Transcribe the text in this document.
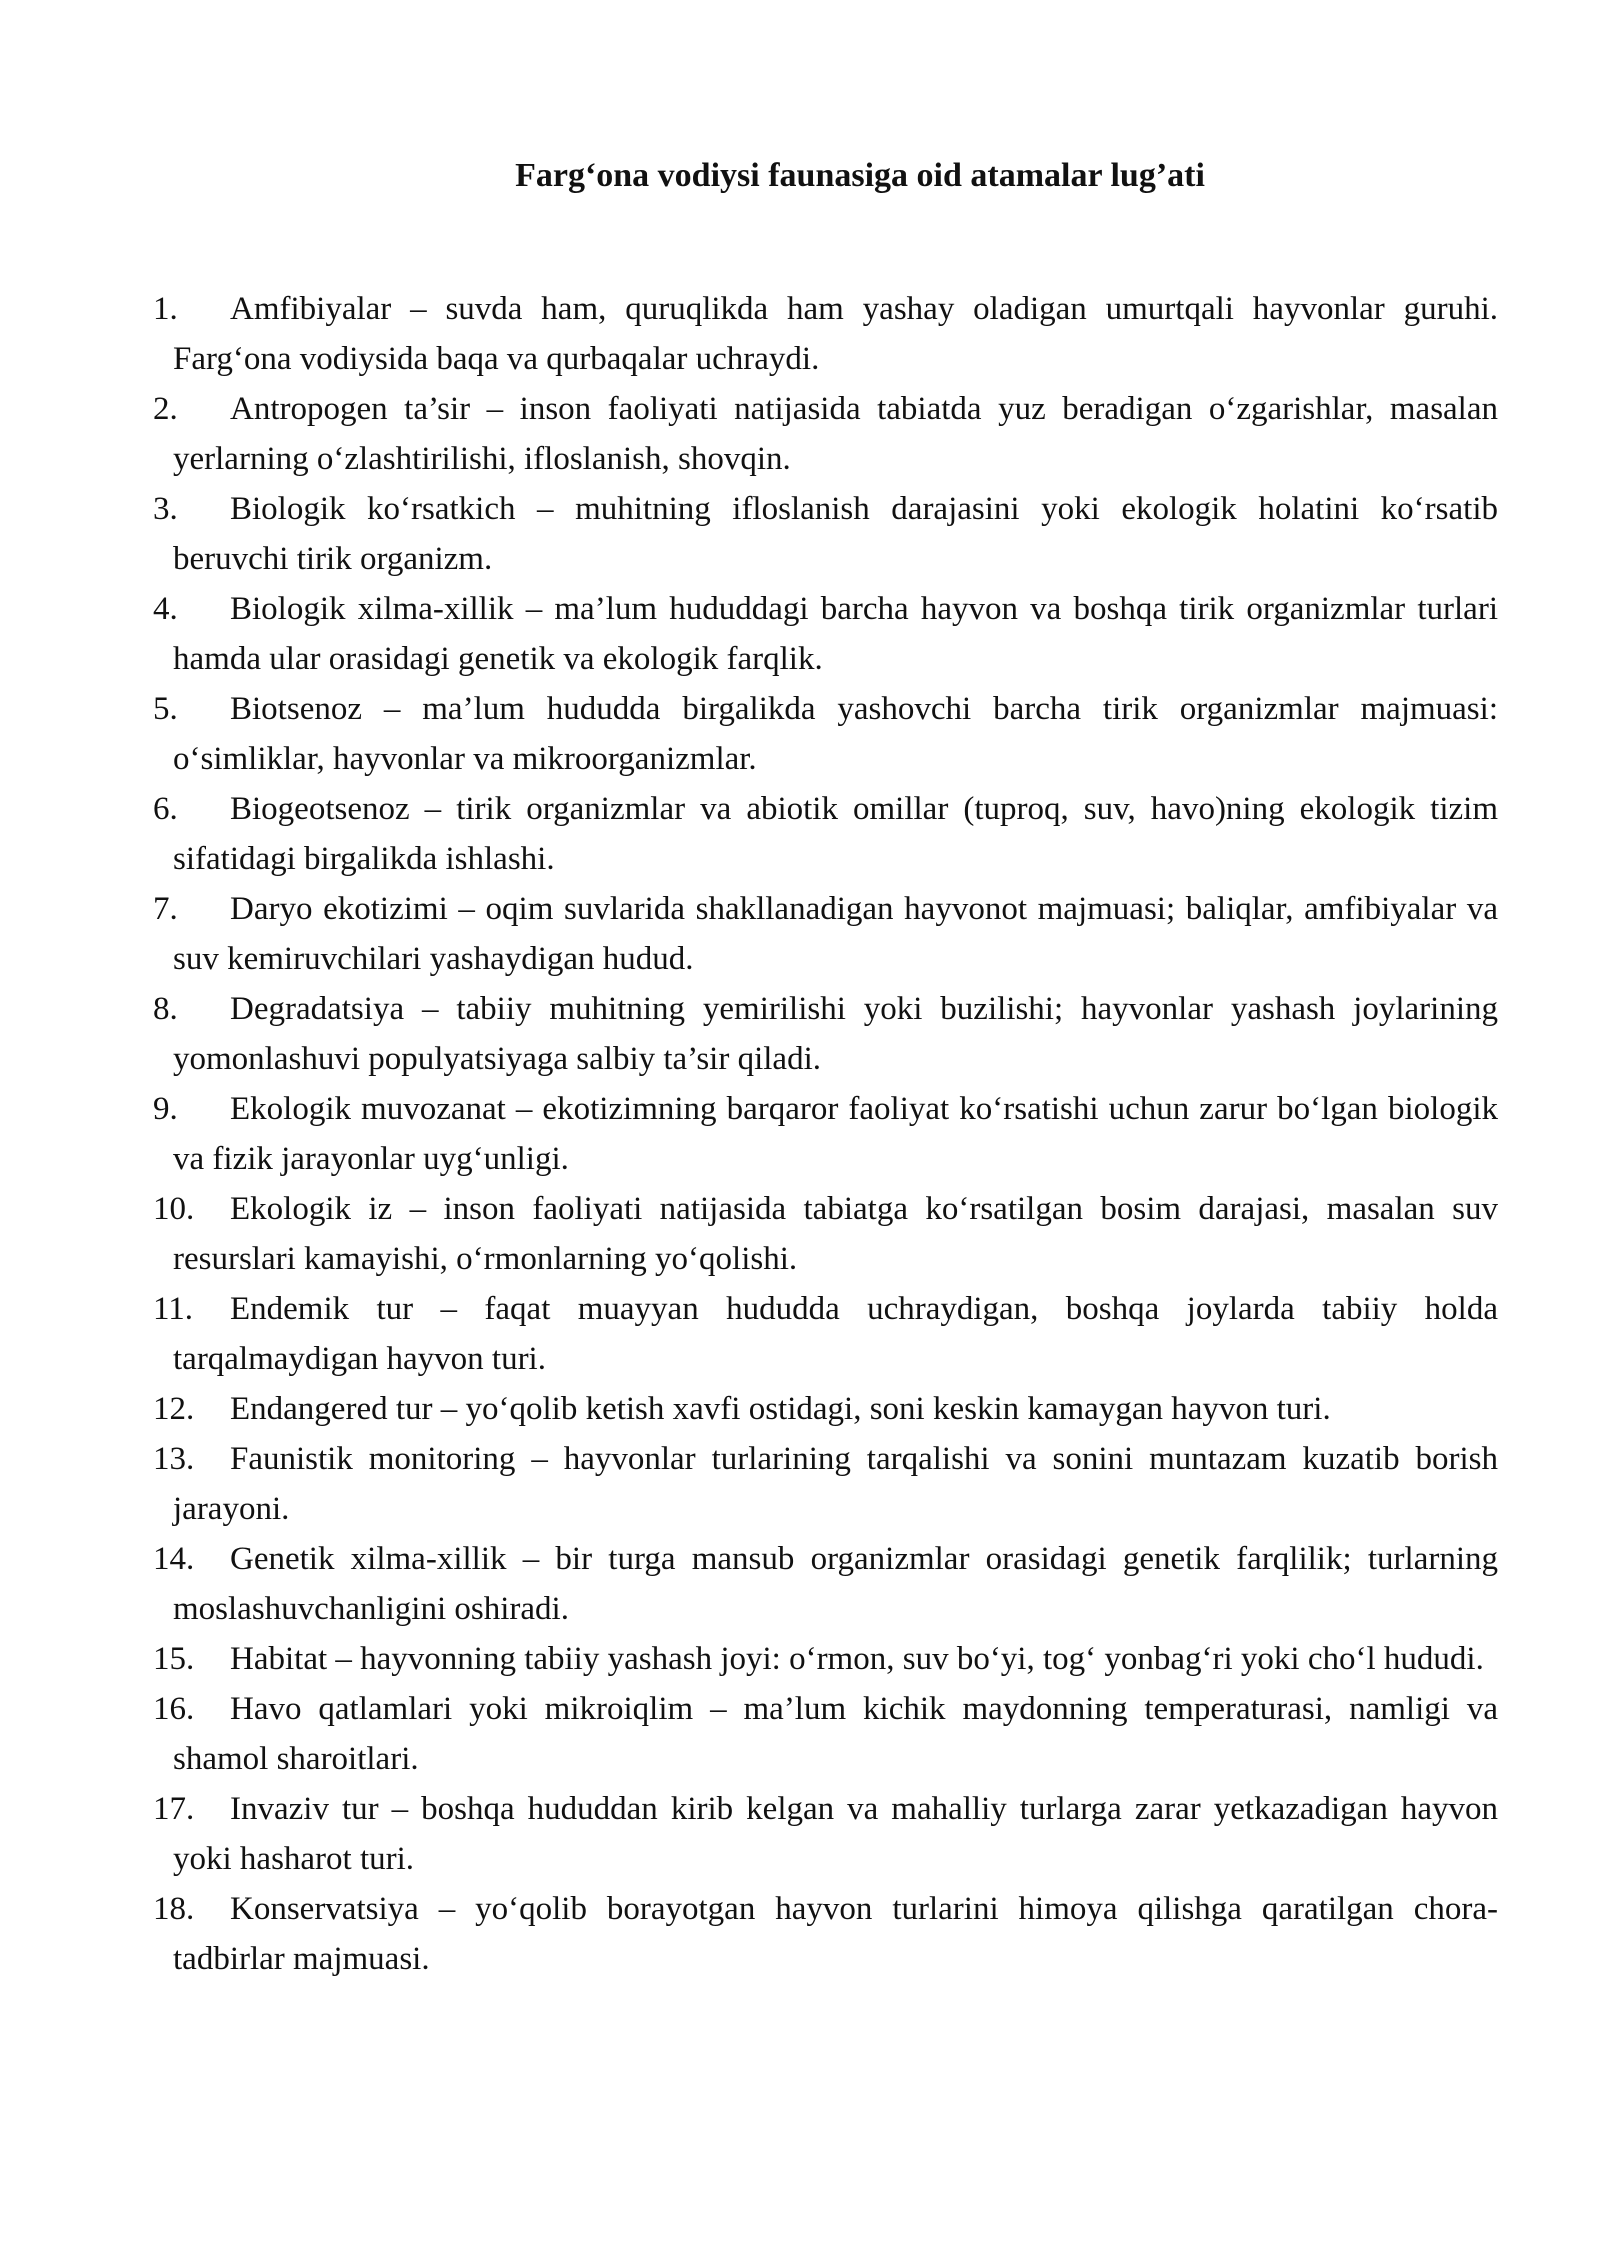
Farg‘ona vodiysi faunasiga oid atamalar lug’ati
1. Amfibiyalar – suvda ham, quruqlikda ham yashay oladigan umurtqali hayvonlar guruhi. Farg‘ona vodiysida baqa va qurbaqalar uchraydi.
2. Antropogen ta’sir – inson faoliyati natijasida tabiatda yuz beradigan o‘zgarishlar, masalan yerlarning o‘zlashtirilishi, ifloslanish, shovqin.
3. Biologik ko‘rsatkich – muhitning ifloslanish darajasini yoki ekologik holatini ko‘rsatib beruvchi tirik organizm.
4. Biologik xilma-xillik – ma’lum hududdagi barcha hayvon va boshqa tirik organizmlar turlari hamda ular orasidagi genetik va ekologik farqlik.
5. Biotsenoz – ma’lum hududda birgalikda yashovchi barcha tirik organizmlar majmuasi: o‘simliklar, hayvonlar va mikroorganizmlar.
6. Biogeotsenoz – tirik organizmlar va abiotik omillar (tuproq, suv, havo)ning ekologik tizim sifatidagi birgalikda ishlashi.
7. Daryo ekotizimi – oqim suvlarida shakllanadigan hayvonot majmuasi; baliqlar, amfibiyalar va suv kemiruvchilari yashaydigan hudud.
8. Degradatsiya – tabiiy muhitning yemirilishi yoki buzilishi; hayvonlar yashash joylarining yomonlashuvi populyatsiyaga salbiy ta’sir qiladi.
9. Ekologik muvozanat – ekotizimning barqaror faoliyat ko‘rsatishi uchun zarur bo‘lgan biologik va fizik jarayonlar uyg‘unligi.
10. Ekologik iz – inson faoliyati natijasida tabiatga ko‘rsatilgan bosim darajasi, masalan suv resurslari kamayishi, o‘rmonlarning yo‘qolishi.
11. Endemik tur – faqat muayyan hududda uchraydigan, boshqa joylarda tabiiy holda tarqalmaydigan hayvon turi.
12. Endangered tur – yo‘qolib ketish xavfi ostidagi, soni keskin kamaygan hayvon turi.
13. Faunistik monitoring – hayvonlar turlarining tarqalishi va sonini muntazam kuzatib borish jarayoni.
14. Genetik xilma-xillik – bir turga mansub organizmlar orasidagi genetik farqlilik; turlarning moslashuvchanligini oshiradi.
15. Habitat – hayvonning tabiiy yashash joyi: o‘rmon, suv bo‘yi, tog‘ yonbag‘ri yoki cho‘l hududi.
16. Havo qatlamlari yoki mikroiqlim – ma’lum kichik maydonning temperaturasi, namligi va shamol sharoitlari.
17. Invaziv tur – boshqa hududdan kirib kelgan va mahalliy turlarga zarar yetkazadigan hayvon yoki hasharot turi.
18. Konservatsiya – yo‘qolib borayotgan hayvon turlarini himoya qilishga qaratilgan chora-tadbirlar majmuasi.
